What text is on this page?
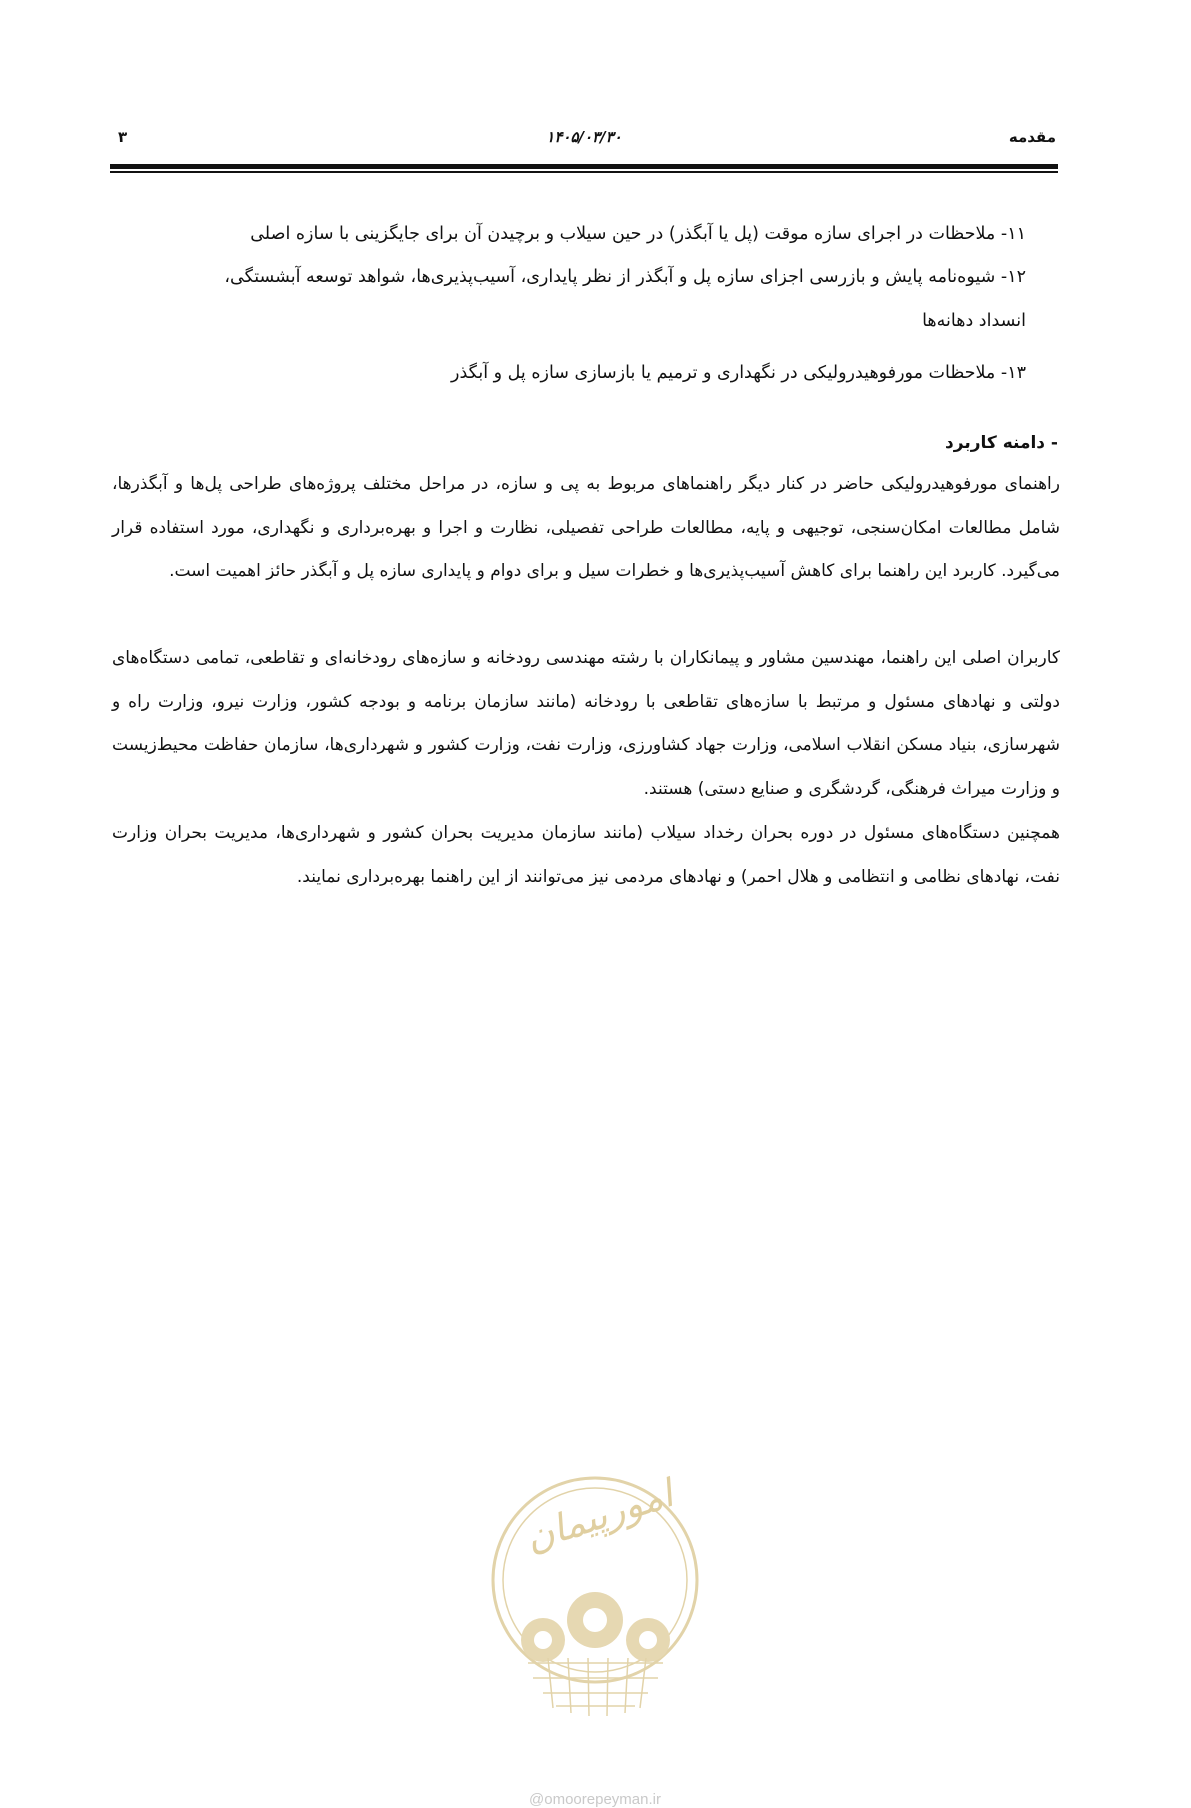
۳	۱۴۰۵/۰۳/۳۰	مقدمه
۱۱- ملاحظات در اجرای سازه موقت (پل یا آبگذر) در حین سیلاب و برچیدن آن برای جایگزینی با سازه اصلی
۱۲- شیوه‌نامه پایش و بازرسی اجزای سازه پل و آبگذر از نظر پایداری، آسیب‌پذیری‌ها، شواهد توسعه آبشستگی،
انسداد دهانه‌ها
۱۳- ملاحظات مورفوهیدرولیکی در نگهداری و ترمیم یا بازسازی سازه پل و آبگذر
- دامنه کاربرد

راهنمای مورفوهیدرولیکی حاضر در کنار دیگر راهنماهای مربوط به پی و سازه، در مراحل مختلف پروژه‌های طراحی پل‌ها و آبگذرها، شامل مطالعات امکان‌سنجی، توجیهی و پایه، مطالعات طراحی تفصیلی، نظارت و اجرا و بهره‌برداری و نگهداری، مورد استفاده قرار می‌گیرد. کاربرد این راهنما برای کاهش آسیب‌پذیری‌ها و خطرات سیل و برای دوام و پایداری سازه پل و آبگذر حائز اهمیت است.

کاربران اصلی این راهنما، مهندسین مشاور و پیمانکاران با رشته مهندسی رودخانه و سازه‌های رودخانه‌ای و تقاطعی، تمامی دستگاه‌های دولتی و نهادهای مسئول و مرتبط با سازه‌های تقاطعی با رودخانه (مانند سازمان برنامه و بودجه کشور، وزارت نیرو، وزارت راه و شهرسازی، بنیاد مسکن انقلاب اسلامی، وزارت جهاد کشاورزی، وزارت نفت، وزارت کشور و شهرداری‌ها، سازمان حفاظت محیط‌زیست و وزارت میراث فرهنگی، گردشگری و صنایع دستی) هستند.

همچنین دستگاه‌های مسئول در دوره بحران رخداد سیلاب (مانند سازمان مدیریت بحران کشور و شهرداری‌ها، مدیریت بحران وزارت نفت، نهادهای نظامی و انتظامی و هلال احمر) و نهادهای مردمی نیز می‌توانند از این راهنما بهره‌برداری نمایند.

امورپیمان
@omoorepeyman.ir
